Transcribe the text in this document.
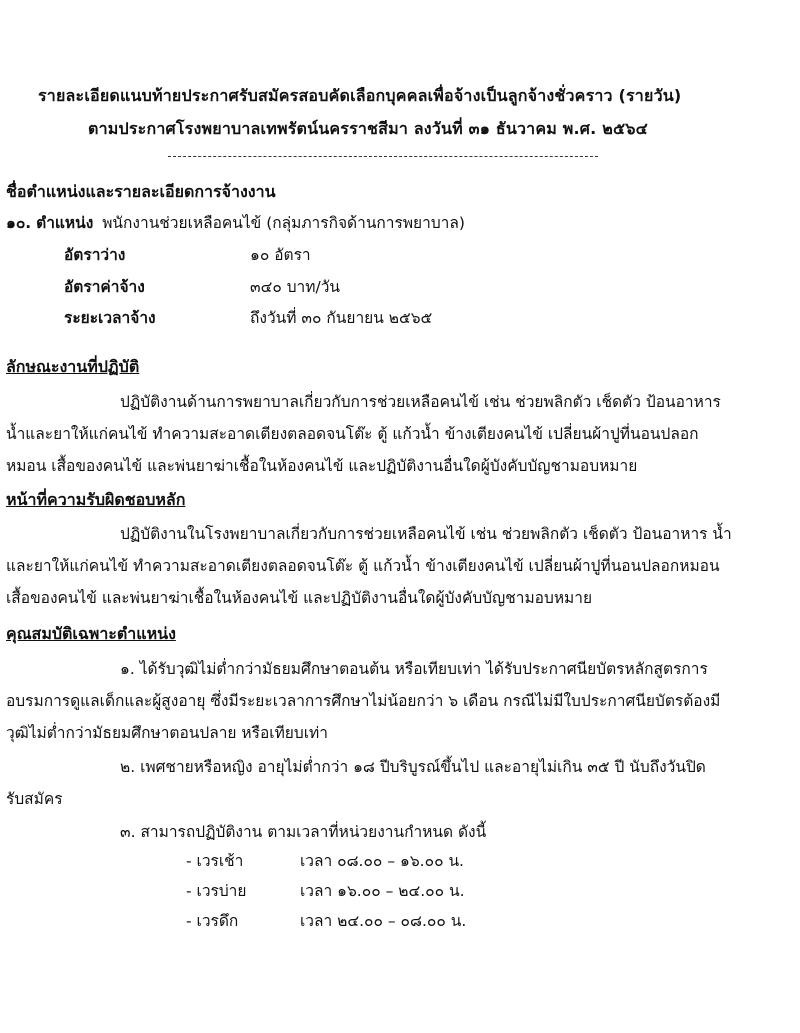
รายละเอียดแนบท้ายประกาศรับสมัครสอบคัดเลือกบุคคลเพื่อจ้างเป็นลูกจ้างชั่วคราว (รายวัน)
ตามประกาศโรงพยาบาลเทพรัตน์นครราชสีมา ลงวันที่ ๓๑ ธันวาคม พ.ศ. ๒๕๖๔
ชื่อตำแหน่งและรายละเอียดการจ้างงาน
๑๐. ตำแหน่ง พนักงานช่วยเหลือคนไข้ (กลุ่มภารกิจด้านการพยาบาล)
อัตราว่าง	๑๐ อัตรา
อัตราค่าจ้าง	๓๔๐ บาท/วัน
ระยะเวลาจ้าง	ถึงวันที่ ๓๐ กันยายน ๒๕๖๕
ลักษณะงานที่ปฏิบัติ
ปฏิบัติงานด้านการพยาบาลเกี่ยวกับการช่วยเหลือคนไข้ เช่น ช่วยพลิกตัว เช็ดตัว ป้อนอาหาร
น้ำและยาให้แก่คนไข้ ทำความสะอาดเตียงตลอดจนโต๊ะ ตู้ แก้วน้ำ ข้างเตียงคนไข้ เปลี่ยนผ้าปูที่นอนปลอก
หมอน เสื้อของคนไข้ และพ่นยาฆ่าเชื้อในห้องคนไข้ และปฏิบัติงานอื่นใดผู้บังคับบัญชามอบหมาย
หน้าที่ความรับผิดชอบหลัก
ปฏิบัติงานในโรงพยาบาลเกี่ยวกับการช่วยเหลือคนไข้ เช่น ช่วยพลิกตัว เช็ดตัว ป้อนอาหาร น้ำ
และยาให้แก่คนไข้ ทำความสะอาดเตียงตลอดจนโต๊ะ ตู้ แก้วน้ำ ข้างเตียงคนไข้ เปลี่ยนผ้าปูที่นอนปลอกหมอน
เสื้อของคนไข้ และพ่นยาฆ่าเชื้อในห้องคนไข้ และปฏิบัติงานอื่นใดผู้บังคับบัญชามอบหมาย
คุณสมบัติเฉพาะตำแหน่ง
๑. ได้รับวุฒิไม่ต่ำกว่ามัธยมศึกษาตอนต้น หรือเทียบเท่า ได้รับประกาศนียบัตรหลักสูตรการ
อบรมการดูแลเด็กและผู้สูงอายุ ซึ่งมีระยะเวลาการศึกษาไม่น้อยกว่า ๖ เดือน กรณีไม่มีใบประกาศนียบัตรต้องมี
วุฒิไม่ต่ำกว่ามัธยมศึกษาตอนปลาย หรือเทียบเท่า
๒. เพศชายหรือหญิง อายุไม่ต่ำกว่า ๑๘ ปีบริบูรณ์ขึ้นไป และอายุไม่เกิน ๓๕ ปี นับถึงวันปิด
รับสมัคร
๓. สามารถปฏิบัติงาน ตามเวลาที่หน่วยงานกำหนด ดังนี้
- เวรเช้า	เวลา ๐๘.๐๐ – ๑๖.๐๐ น.
- เวรบ่าย	เวลา ๑๖.๐๐ – ๒๔.๐๐ น.
- เวรดึก	เวลา ๒๔.๐๐ – ๐๘.๐๐ น.
